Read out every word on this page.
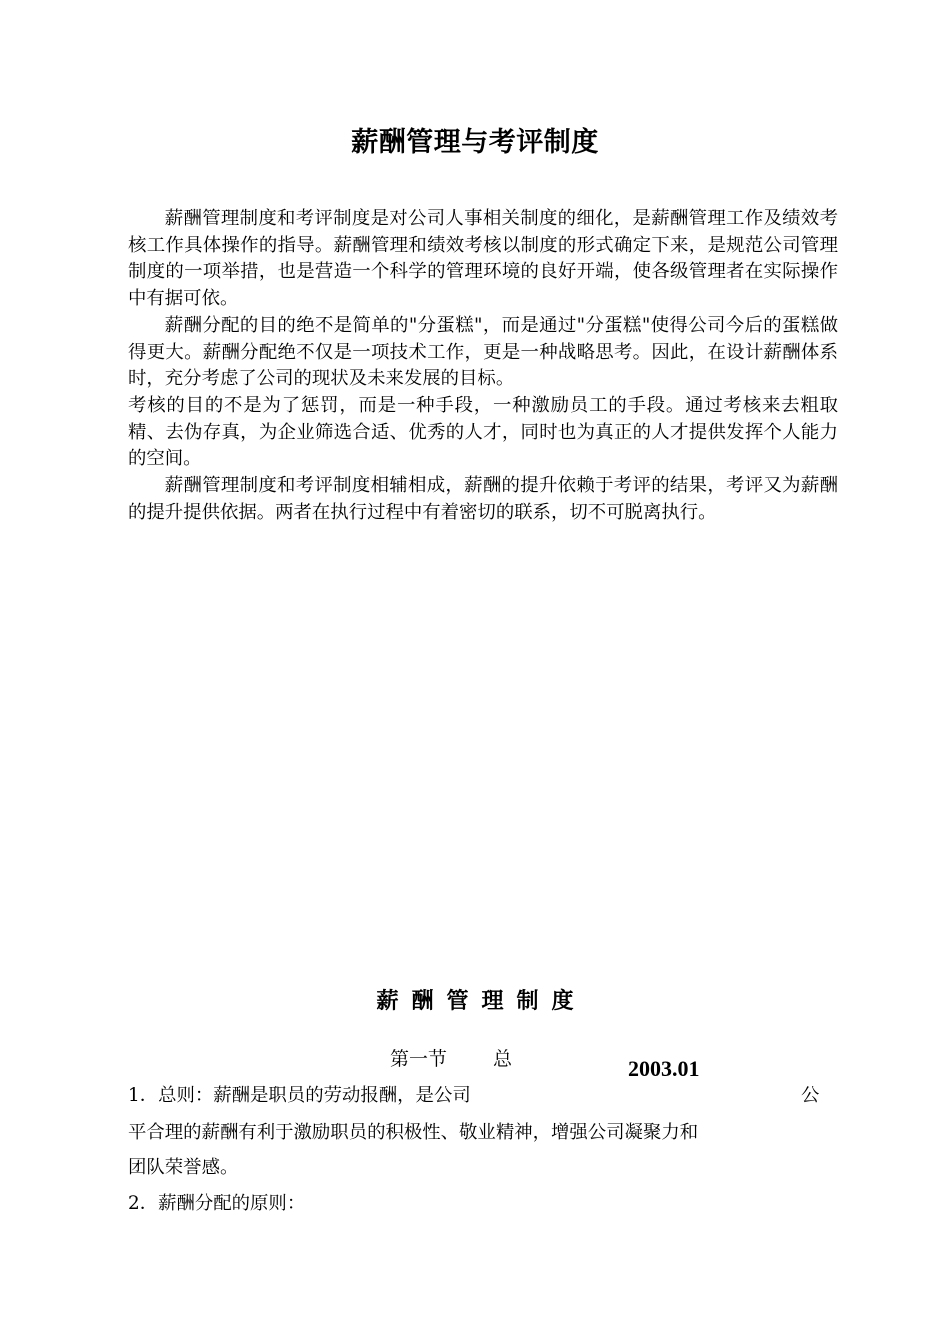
薪酬管理与考评制度

薪酬管理制度和考评制度是对公司人事相关制度的细化，是薪酬管理工作及绩效考核工作具体操作的指导。薪酬管理和绩效考核以制度的形式确定下来，是规范公司管理制度的一项举措，也是营造一个科学的管理环境的良好开端，使各级管理者在实际操作中有据可依。

薪酬分配的目的绝不是简单的"分蛋糕"，而是通过"分蛋糕"使得公司今后的蛋糕做得更大。薪酬分配绝不仅是一项技术工作，更是一种战略思考。因此，在设计薪酬体系时，充分考虑了公司的现状及未来发展的目标。

考核的目的不是为了惩罚，而是一种手段，一种激励员工的手段。通过考核来去粗取精、去伪存真，为企业筛选合适、优秀的人才，同时也为真正的人才提供发挥个人能力的空间。

薪酬管理制度和考评制度相辅相成，薪酬的提升依赖于考评的结果，考评又为薪酬的提升提供依据。两者在执行过程中有着密切的联系，切不可脱离执行。

薪酬管理制度
第一节 总	2003.01
1．总则：薪酬是职员的劳动报酬，是公司	公
平合理的薪酬有利于激励职员的积极性、敬业精神，增强公司凝聚力和
团队荣誉感。
2．薪酬分配的原则：
